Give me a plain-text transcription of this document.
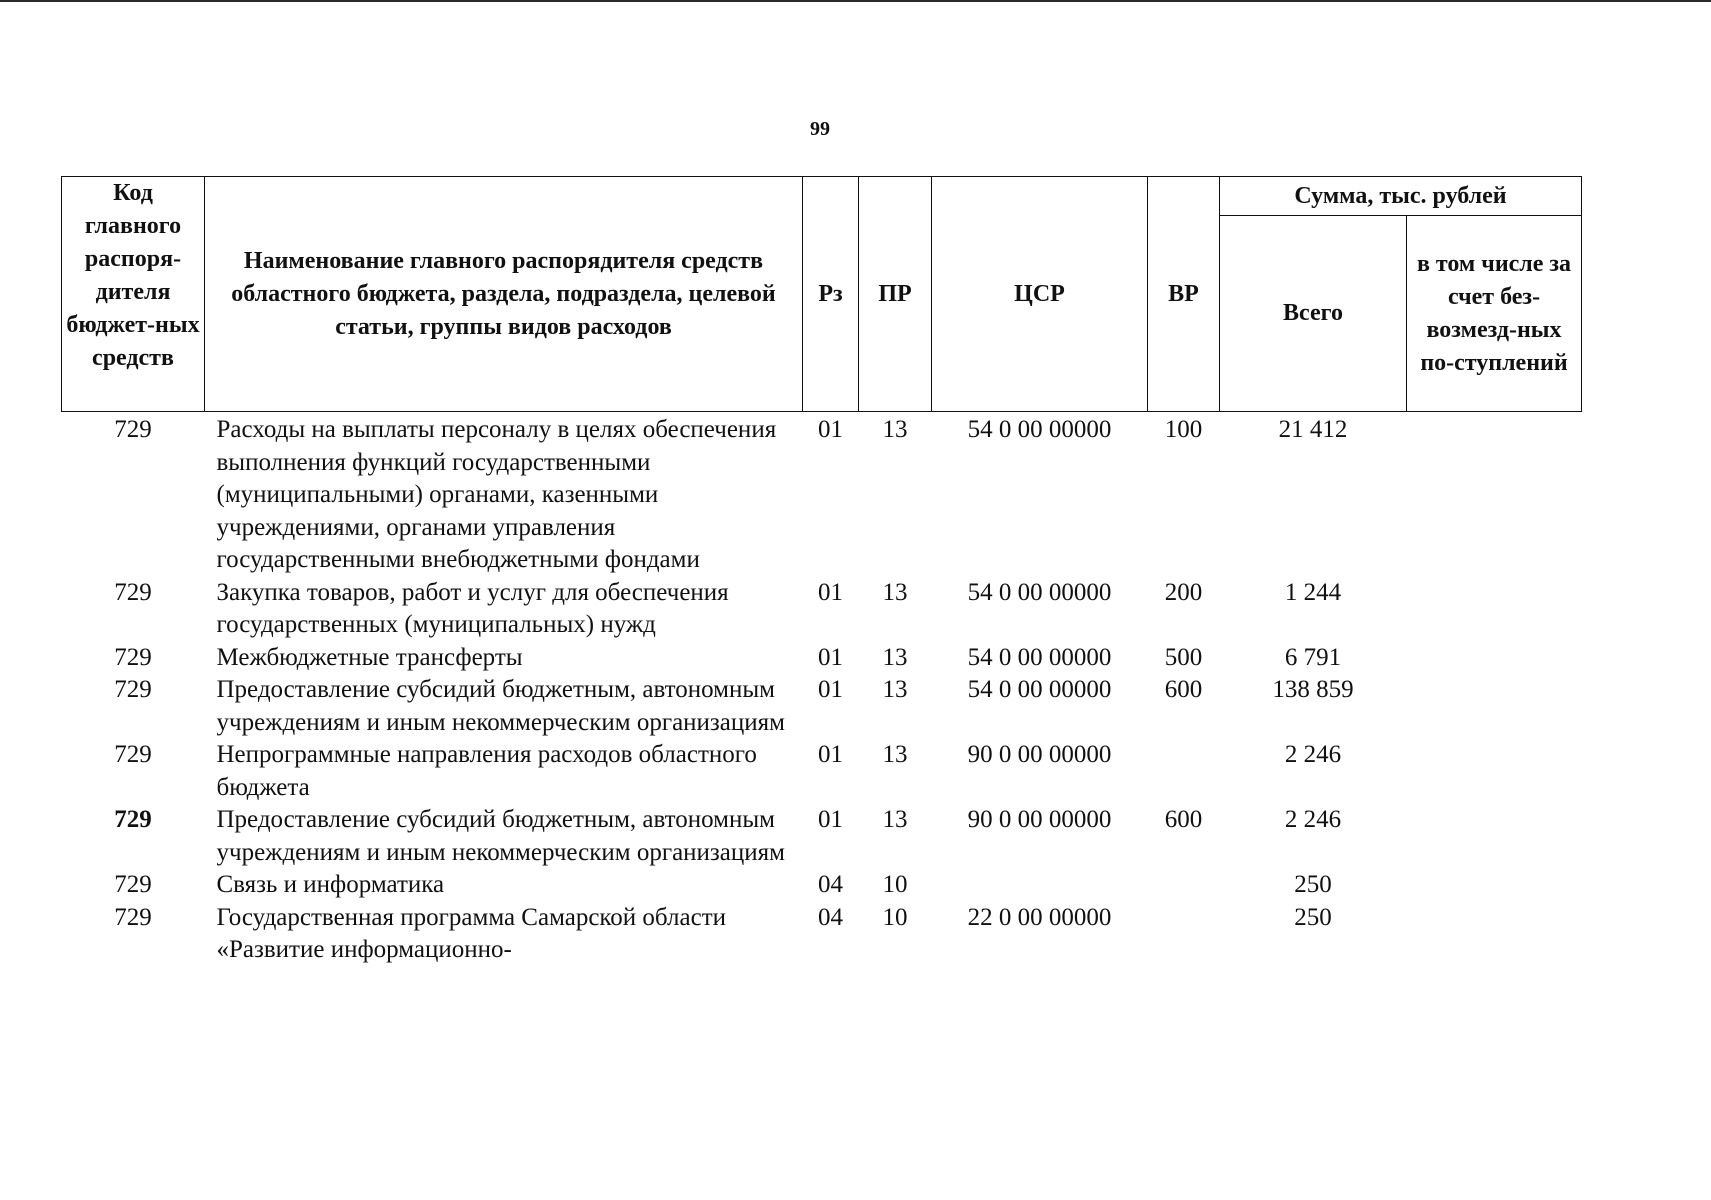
99
Код главного распоря-дителя бюджет-ных средств	Наименование главного распорядителя средств областного бюджета, раздела, подраздела, целевой статьи, группы видов расходов	Рз	ПР	ЦСР	ВР	Сумма, тыс. рублей	
						Всего	в том числе за счет без-возмезд-ных по-ступлений
729	Расходы на выплаты персоналу в целях обеспечения выполнения функций государственными (муниципальными) органами, казенными учреждениями, органами управления государственными внебюджетными фондами	01	13	54 0 00 00000	100	21 412	
729	Закупка товаров, работ и услуг для обеспечения государственных (муниципальных) нужд	01	13	54 0 00 00000	200	1 244	
729	Межбюджетные трансферты	01	13	54 0 00 00000	500	6 791	
729	Предоставление субсидий бюджетным, автономным учреждениям и иным некоммерческим организациям	01	13	54 0 00 00000	600	138 859	
729	Непрограммные направления расходов областного бюджета	01	13	90 0 00 00000		2 246	
729	Предоставление субсидий бюджетным, автономным учреждениям и иным некоммерческим организациям	01	13	90 0 00 00000	600	2 246	
729	Связь и информатика	04	10			250	
729	Государственная программа Самарской области «Развитие информационно-	04	10	22 0 00 00000		250	
